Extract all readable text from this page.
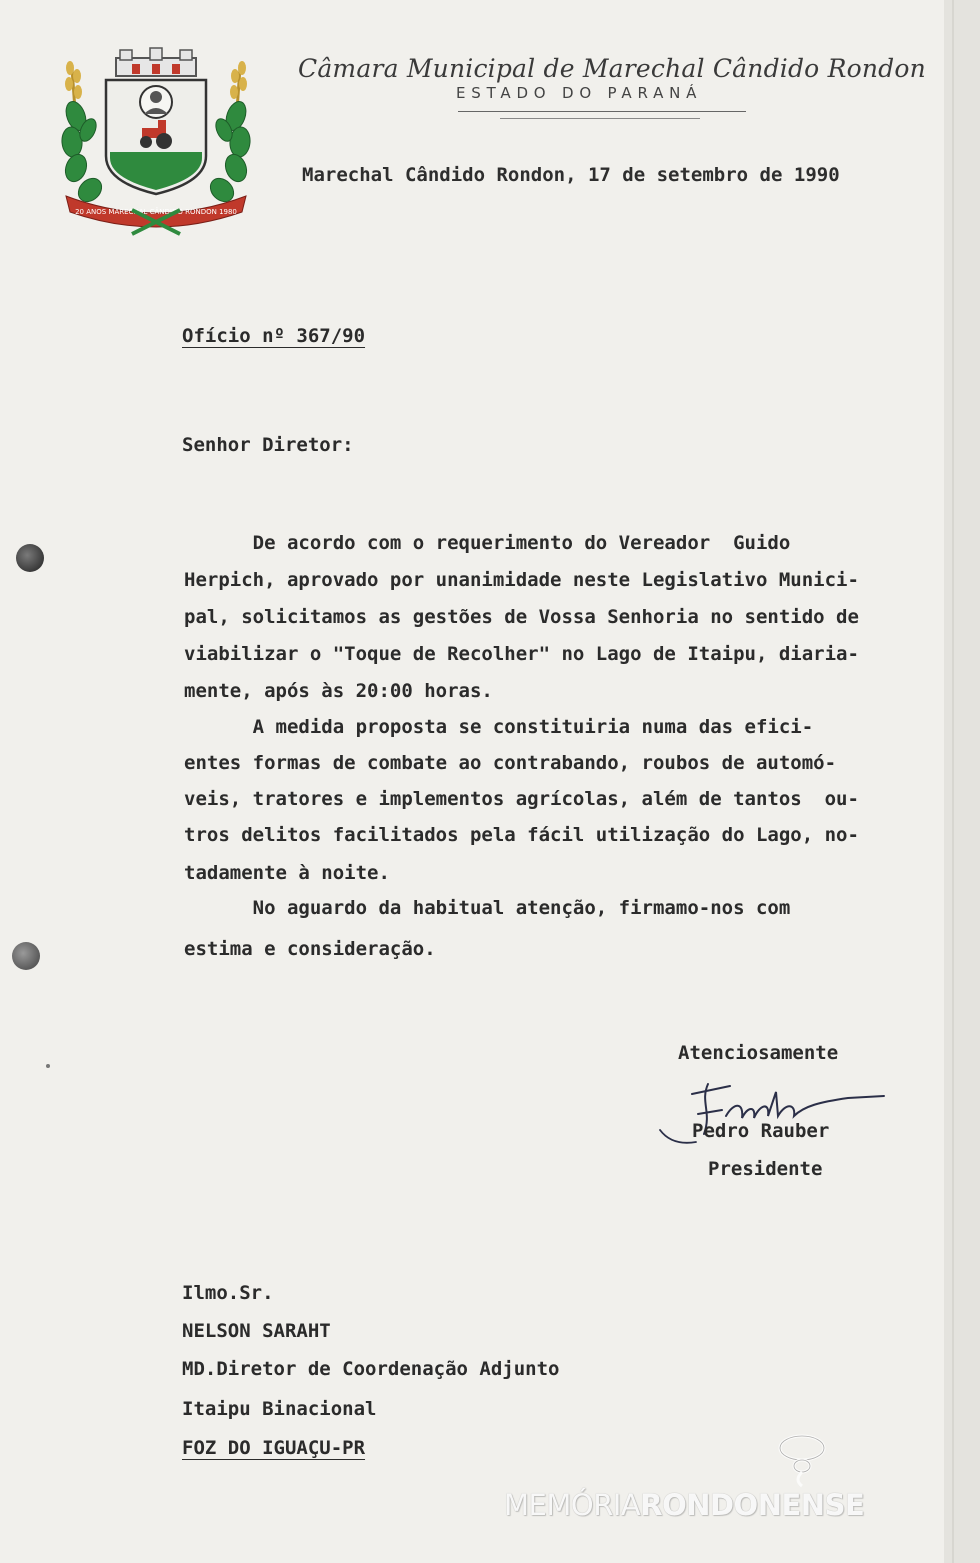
20 ANOS MARECHAL CÂNDIDO RONDON 1980
Câmara Municipal de Marechal Cândido Rondon
ESTADO DO PARANÁ
Marechal Cândido Rondon, 17 de setembro de 1990
Ofício nº 367/90
Senhor Diretor:
De acordo com o requerimento do Vereador  Guido
Herpich, aprovado por unanimidade neste Legislativo Munici-
pal, solicitamos as gestões de Vossa Senhoria no sentido de
viabilizar o "Toque de Recolher" no Lago de Itaipu, diaria-
mente, após às 20:00 horas.
A medida proposta se constituiria numa das efici-
entes formas de combate ao contrabando, roubos de automó-
veis, tratores e implementos agrícolas, além de tantos  ou-
tros delitos facilitados pela fácil utilização do Lago, no-
tadamente à noite.
No aguardo da habitual atenção, firmamo-nos com
estima e consideração.
Atenciosamente
Pedro Rauber
Presidente
Ilmo.Sr.
NELSON SARAHT
MD.Diretor de Coordenação Adjunto
Itaipu Binacional
FOZ DO IGUAÇU-PR
MEMÓRIARONDONENSE
